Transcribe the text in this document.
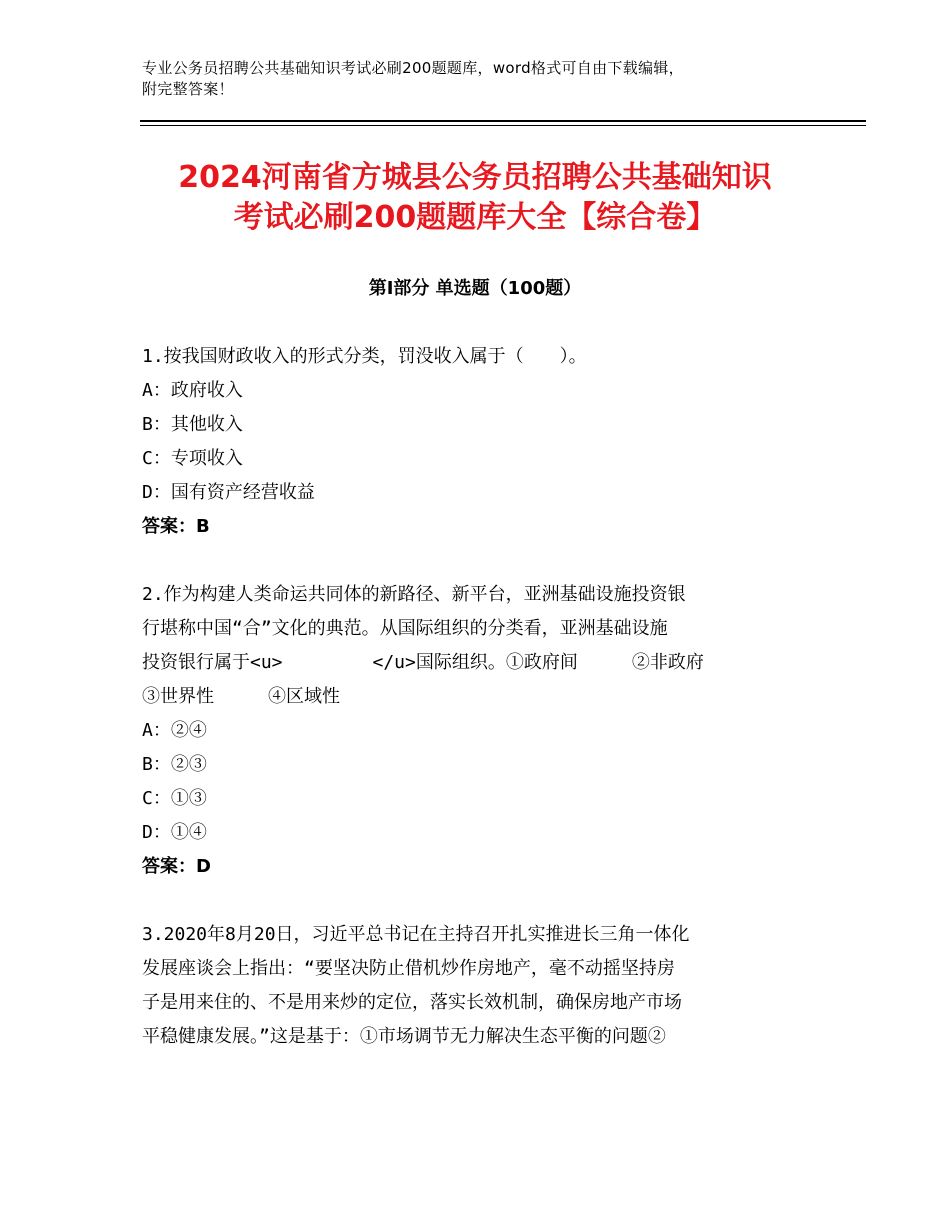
专业公务员招聘公共基础知识考试必刷200题题库，word格式可自由下载编辑，
附完整答案！
2024河南省方城县公务员招聘公共基础知识
考试必刷200题题库大全【综合卷】
第Ⅰ部分 单选题（100题）
1.按我国财政收入的形式分类，罚没收入属于（　　）。
A：政府收入
B：其他收入
C：专项收入
D：国有资产经营收益
答案：B
2.作为构建人类命运共同体的新路径、新平台，亚洲基础设施投资银
行堪称中国“合”文化的典范。从国际组织的分类看，亚洲基础设施
投资银行属于<u>　　　　　</u>国际组织。①政府间　　　②非政府
③世界性　　　④区域性
A：②④
B：②③
C：①③
D：①④
答案：D
3.2020年8月20日，习近平总书记在主持召开扎实推进长三角一体化
发展座谈会上指出：“要坚决防止借机炒作房地产，毫不动摇坚持房
子是用来住的、不是用来炒的定位，落实长效机制，确保房地产市场
平稳健康发展。”这是基于：①市场调节无力解决生态平衡的问题②
